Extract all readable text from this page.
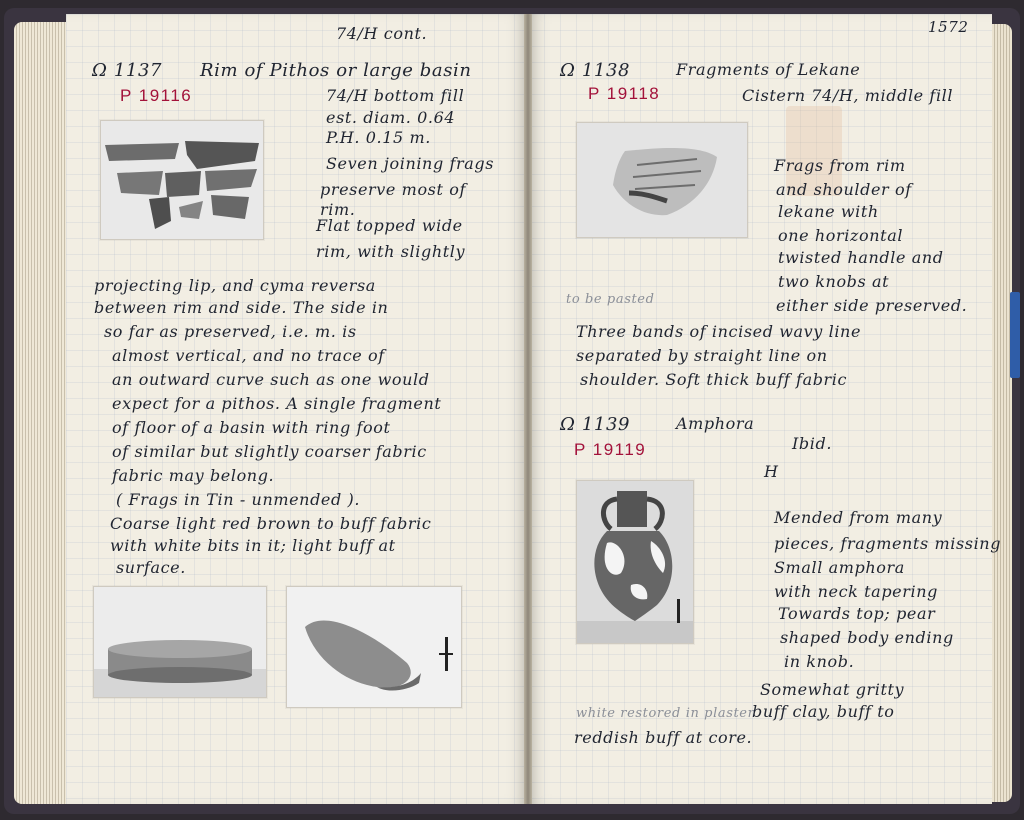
74/H cont.
Ω 1137 Rim of Pithos or large basin
P 19116	74/H bottom fill
est. diam. 0.64
P.H. 0.15 m.
Seven joining frags
preserve most of
rim.
Flat topped wide
rim, with slightly
projecting lip, and cyma reversa
between rim and side. The side in
so far as preserved, i.e. m. is
almost vertical, and no trace of
an outward curve such as one would
expect for a pithos. A single fragment
of floor of a basin with ring foot
of similar but slightly coarser fabric
fabric may belong.
( Frags in Tin - unmended ).
Coarse light red brown to buff fabric
with white bits in it; light buff at
surface.
1572
Ω 1138	Fragments of Lekane
P 19118	Cistern 74/H, middle fill
Frags from rim
and shoulder of
lekane with
one horizontal
twisted handle and
two knobs at
either side preserved.
to be pasted
Three bands of incised wavy line
separated by straight line on
shoulder. Soft thick buff fabric
Ω 1139	Amphora
P 19119	Ibid.
H
Mended from many
pieces, fragments missing
Small amphora
with neck tapering
Towards top; pear
shaped body ending
in knob.
Somewhat gritty
white restored in plaster
buff clay, buff to
reddish buff at core.
